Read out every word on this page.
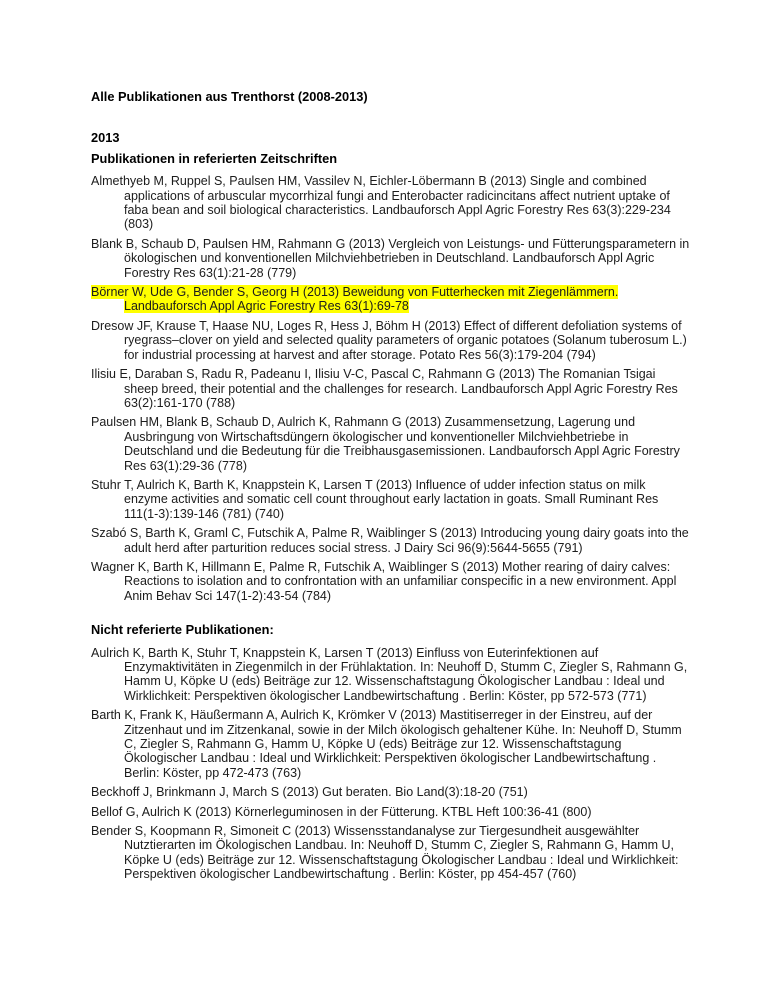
Alle Publikationen aus Trenthorst (2008-2013)
2013
Publikationen in referierten Zeitschriften

Almethyeb M, Ruppel S, Paulsen HM, Vassilev N, Eichler-Löbermann B (2013) Single and combined applications of arbuscular mycorrhizal fungi and Enterobacter radicincitans affect nutrient uptake of faba bean and soil biological characteristics. Landbauforsch Appl Agric Forestry Res 63(3):229-234 (803)

Blank B, Schaub D, Paulsen HM, Rahmann G (2013) Vergleich von Leistungs- und Fütterungsparametern in ökologischen und konventionellen Milchviehbetrieben in Deutschland. Landbauforsch Appl Agric Forestry Res 63(1):21-28 (779)

Börner W, Ude G, Bender S, Georg H (2013) Beweidung von Futterhecken mit Ziegenlämmern. Landbauforsch Appl Agric Forestry Res 63(1):69-78

Dresow JF, Krause T, Haase NU, Loges R, Hess J, Böhm H (2013) Effect of different defoliation systems of ryegrass–clover on yield and selected quality parameters of organic potatoes (Solanum tuberosum L.) for industrial processing at harvest and after storage. Potato Res 56(3):179-204 (794)

Ilisiu E, Daraban S, Radu R, Padeanu I, Ilisiu V-C, Pascal C, Rahmann G (2013) The Romanian Tsigai sheep breed, their potential and the challenges for research. Landbauforsch Appl Agric Forestry Res 63(2):161-170 (788)

Paulsen HM, Blank B, Schaub D, Aulrich K, Rahmann G (2013) Zusammensetzung, Lagerung und Ausbringung von Wirtschaftsdüngern ökologischer und konventioneller Milchviehbetriebe in Deutschland und die Bedeutung für die Treibhausgasemissionen. Landbauforsch Appl Agric Forestry Res 63(1):29-36 (778)

Stuhr T, Aulrich K, Barth K, Knappstein K, Larsen T (2013) Influence of udder infection status on milk enzyme activities and somatic cell count throughout early lactation in goats. Small Ruminant Res 111(1-3):139-146 (781) (740)

Szabó S, Barth K, Graml C, Futschik A, Palme R, Waiblinger S (2013) Introducing young dairy goats into the adult herd after parturition reduces social stress. J Dairy Sci 96(9):5644-5655 (791)

Wagner K, Barth K, Hillmann E, Palme R, Futschik A, Waiblinger S (2013) Mother rearing of dairy calves: Reactions to isolation and to confrontation with an unfamiliar conspecific in a new environment. Appl Anim Behav Sci 147(1-2):43-54 (784)

Nicht referierte Publikationen:

Aulrich K, Barth K, Stuhr T, Knappstein K, Larsen T (2013) Einfluss von Euterinfektionen auf Enzymaktivitäten in Ziegenmilch in der Frühlaktation. In: Neuhoff D, Stumm C, Ziegler S, Rahmann G, Hamm U, Köpke U (eds) Beiträge zur 12. Wissenschaftstagung Ökologischer Landbau : Ideal und Wirklichkeit: Perspektiven ökologischer Landbewirtschaftung . Berlin: Köster, pp 572-573 (771)

Barth K, Frank K, Häußermann A, Aulrich K, Krömker V (2013) Mastitiserreger in der Einstreu, auf der Zitzenhaut und im Zitzenkanal, sowie in der Milch ökologisch gehaltener Kühe. In: Neuhoff D, Stumm C, Ziegler S, Rahmann G, Hamm U, Köpke U (eds) Beiträge zur 12. Wissenschaftstagung Ökologischer Landbau : Ideal und Wirklichkeit: Perspektiven ökologischer Landbewirtschaftung . Berlin: Köster, pp 472-473 (763)

Beckhoff J, Brinkmann J, March S (2013) Gut beraten. Bio Land(3):18-20 (751)

Bellof G, Aulrich K (2013) Körnerleguminosen in der Fütterung. KTBL Heft 100:36-41 (800)

Bender S, Koopmann R, Simoneit C (2013) Wissensstandanalyse zur Tiergesundheit ausgewählter Nutztierarten im Ökologischen Landbau. In: Neuhoff D, Stumm C, Ziegler S, Rahmann G, Hamm U, Köpke U (eds) Beiträge zur 12. Wissenschaftstagung Ökologischer Landbau : Ideal und Wirklichkeit: Perspektiven ökologischer Landbewirtschaftung . Berlin: Köster, pp 454-457 (760)
